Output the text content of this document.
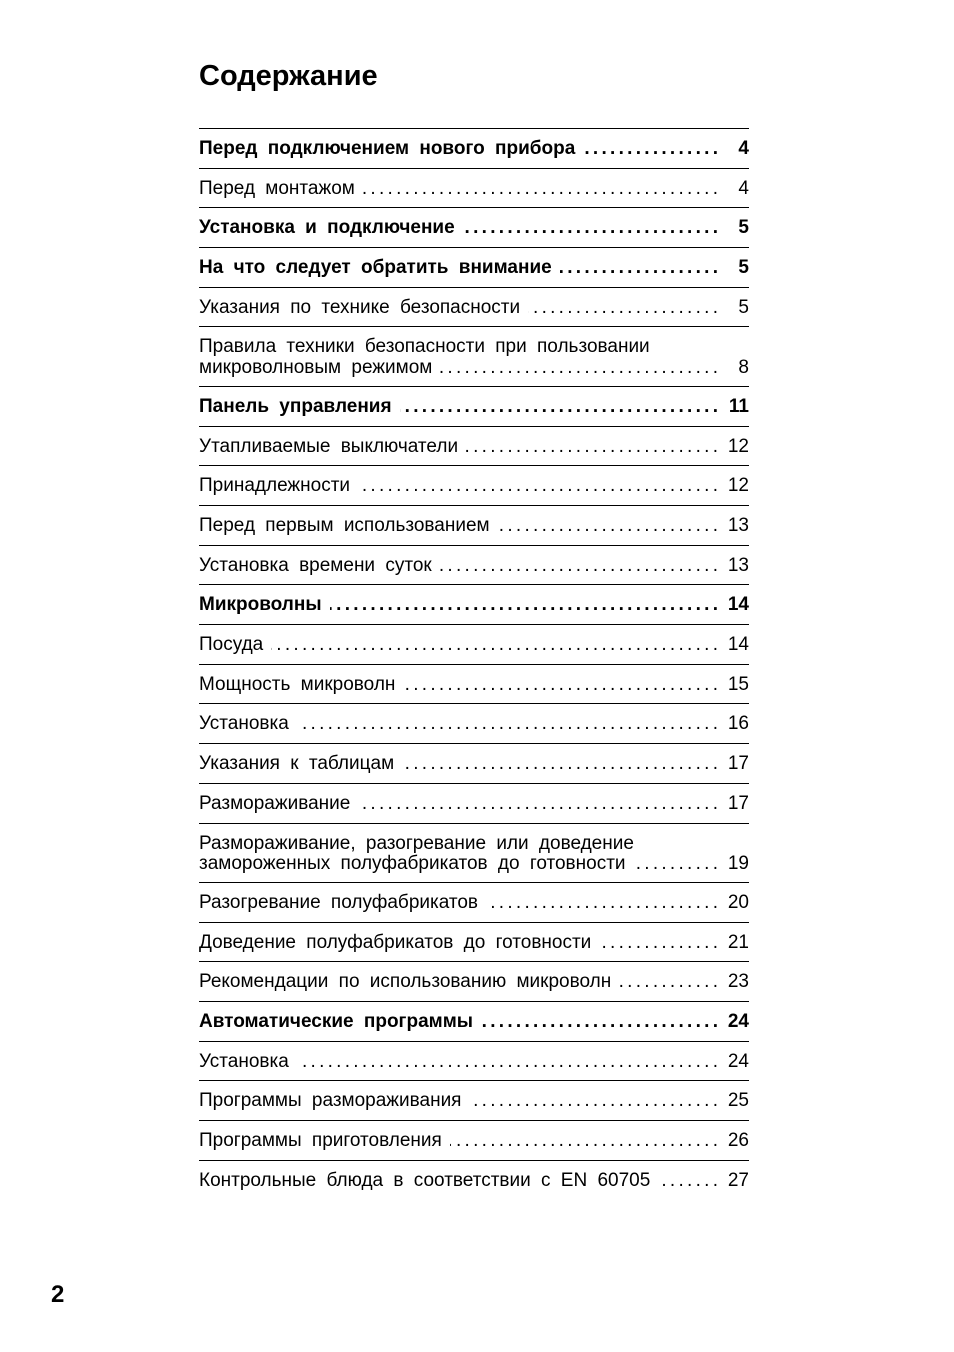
Содержание
Перед подключением нового прибора . . .	4
Перед монтажом . . .	4
Установка и подключение . . .	5
На что следует обратить внимание . . .	5
Указания по технике безопасности . . .	5
Правила техники безопасности при пользовании
микроволновым режимом . . .	8
Панель управления . . .	11
Утапливаемые выключатели . . .	12
Принадлежности . . .	12
Перед первым использованием . . .	13
Установка времени суток . . .	13
Микроволны . . .	14
Посуда . . .	14
Мощность микроволн . . .	15
Установка . . .	16
Указания к таблицам . . .	17
Размораживание . . .	17
Размораживание, разогревание или доведение
замороженных полуфабрикатов до готовности . . .	19
Разогревание полуфабрикатов . . .	20
Доведение полуфабрикатов до готовности . . .	21
Рекомендации по использованию микроволн . . .	23
Автоматические программы . . .	24
Установка . . .	24
Программы размораживания . . .	25
Программы приготовления . . .	26
Контрольные блюда в соответствии с EN 60705 . . .	27
2
